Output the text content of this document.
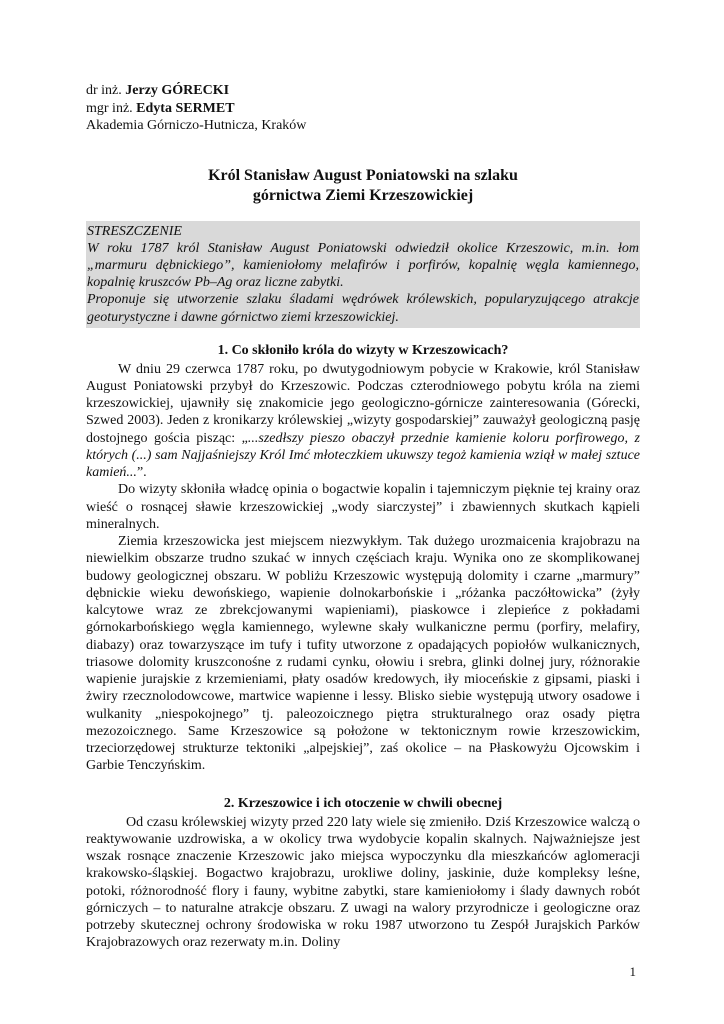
dr inż. Jerzy GÓRECKI
mgr inż. Edyta SERMET
Akademia Górniczo-Hutnicza, Kraków
Król Stanisław August Poniatowski na szlaku
górnictwa Ziemi Krzeszowickiej

STRESZCZENIE

W roku 1787 król Stanisław August Poniatowski odwiedził okolice Krzeszowic, m.in. łom „marmuru dębnickiego”, kamieniołomy melafirów i porfirów, kopalnię węgla kamiennego, kopalnię kruszców Pb–Ag oraz liczne zabytki.

Proponuje się utworzenie szlaku śladami wędrówek królewskich, popularyzującego atrakcje geoturystyczne i dawne górnictwo ziemi krzeszowickiej.

1. Co skłoniło króla do wizyty w Krzeszowicach?

W dniu 29 czerwca 1787 roku, po dwutygodniowym pobycie w Krakowie, król Stanisław August Poniatowski przybył do Krzeszowic. Podczas czterodniowego pobytu króla na ziemi krzeszowickiej, ujawniły się znakomicie jego geologiczno-górnicze zainteresowania (Górecki, Szwed 2003). Jeden z kronikarzy królewskiej „wizyty gospodarskiej” zauważył geologiczną pasję dostojnego gościa pisząc: „...szedłszy pieszo obaczył przednie kamienie koloru porfirowego, z których (...) sam Najjaśniejszy Król Imć młoteczkiem ukuwszy tegoż kamienia wziął w małej sztuce kamień...”.

Do wizyty skłoniła władcę opinia o bogactwie kopalin i tajemniczym pięknie tej krainy oraz wieść o rosnącej sławie krzeszowickiej „wody siarczystej” i zbawiennych skutkach kąpieli mineralnych.

Ziemia krzeszowicka jest miejscem niezwykłym. Tak dużego urozmaicenia krajobrazu na niewielkim obszarze trudno szukać w innych częściach kraju. Wynika ono ze skomplikowanej budowy geologicznej obszaru. W pobliżu Krzeszowic występują dolomity i czarne „marmury” dębnickie wieku dewońskiego, wapienie dolnokarbońskie i „różanka paczółtowicka” (żyły kalcytowe wraz ze zbrekcjowanymi wapieniami), piaskowce i zlepieńce z pokładami górnokarbońskiego węgla kamiennego, wylewne skały wulkaniczne permu (porfiry, melafiry, diabazy) oraz towarzyszące im tufy i tufity utworzone z opadających popiołów wulkanicznych, triasowe dolomity kruszconośne z rudami cynku, ołowiu i srebra, glinki dolnej jury, różnorakie wapienie jurajskie z krzemieniami, płaty osadów kredowych, iły mioceńskie z gipsami, piaski i żwiry rzecznolodowcowe, martwice wapienne i lessy. Blisko siebie występują utwory osadowe i wulkanity „niespokojnego” tj. paleozoicznego piętra strukturalnego oraz osady piętra mezozoicznego. Same Krzeszowice są położone w tektonicznym rowie krzeszowickim, trzeciorzędowej strukturze tektoniki „alpejskiej”, zaś okolice – na Płaskowyżu Ojcowskim i Garbie Tenczyńskim.

2. Krzeszowice i ich otoczenie w chwili obecnej

Od czasu królewskiej wizyty przed 220 laty wiele się zmieniło. Dziś Krzeszowice walczą o reaktywowanie uzdrowiska, a w okolicy trwa wydobycie kopalin skalnych. Najważniejsze jest wszak rosnące znaczenie Krzeszowic jako miejsca wypoczynku dla mieszkańców aglomeracji krakowsko-śląskiej. Bogactwo krajobrazu, urokliwe doliny, jaskinie, duże kompleksy leśne, potoki, różnorodność flory i fauny, wybitne zabytki, stare kamieniołomy i ślady dawnych robót górniczych – to naturalne atrakcje obszaru. Z uwagi na walory przyrodnicze i geologiczne oraz potrzeby skutecznej ochrony środowiska w roku 1987 utworzono tu Zespół Jurajskich Parków Krajobrazowych oraz rezerwaty m.in. Doliny

1
